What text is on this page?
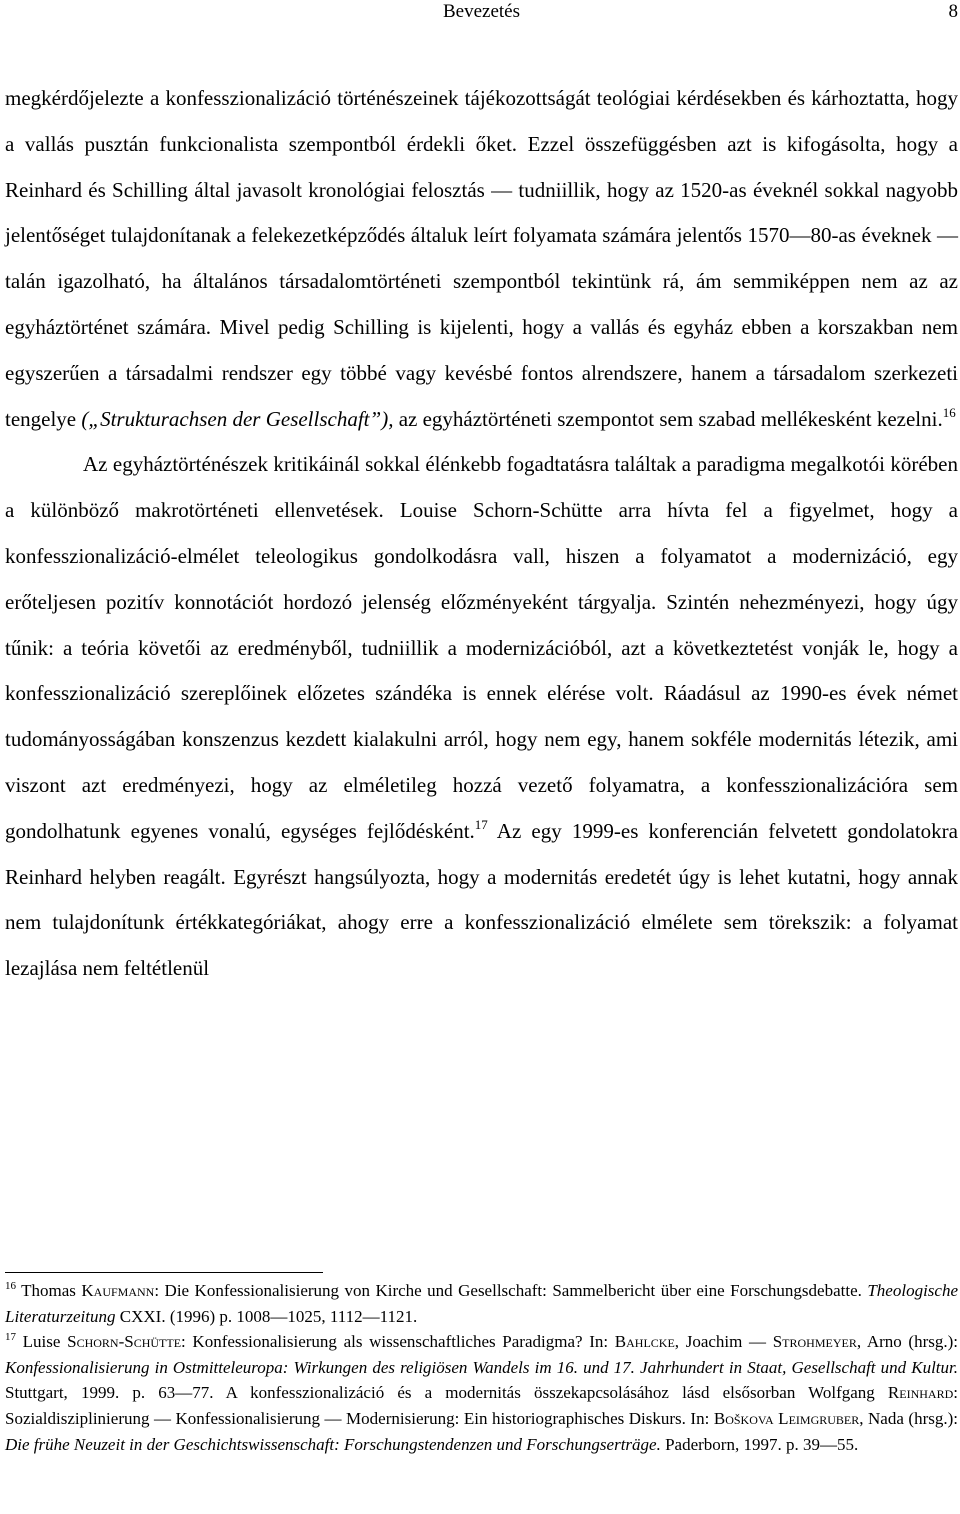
Bevezetés	8

megkérdőjelezte a konfesszionalizáció történészeinek tájékozottságát teológiai kérdésekben és kárhoztatta, hogy a vallás pusztán funkcionalista szempontból érdekli őket. Ezzel összefüggésben azt is kifogásolta, hogy a Reinhard és Schilling által javasolt kronológiai felosztás ― tudniillik, hogy az 1520-as éveknél sokkal nagyobb jelentőséget tulajdonítanak a felekezetképződés általuk leírt folyamata számára jelentős 1570―80-as éveknek ― talán igazolható, ha általános társadalomtörténeti szempontból tekintünk rá, ám semmiképpen nem az az egyháztörténet számára. Mivel pedig Schilling is kijelenti, hogy a vallás és egyház ebben a korszakban nem egyszerűen a társadalmi rendszer egy többé vagy kevésbé fontos alrendszere, hanem a társadalom szerkezeti tengelye („Strukturachsen der Gesellschaft”), az egyháztörténeti szempontot sem szabad mellékesként kezelni.$^{16}$

Az egyháztörténészek kritikáinál sokkal élénkebb fogadtatásra találtak a paradigma megalkotói körében a különböző makrotörténeti ellenvetések. Louise Schorn-Schütte arra hívta fel a figyelmet, hogy a konfesszionalizáció-elmélet teleologikus gondolkodásra vall, hiszen a folyamatot a modernizáció, egy erőteljesen pozitív konnotációt hordozó jelenség előzményeként tárgyalja. Szintén nehezményezi, hogy úgy tűnik: a teória követői az eredményből, tudniillik a modernizációból, azt a következtetést vonják le, hogy a konfesszionalizáció szereplőinek előzetes szándéka is ennek elérése volt. Ráadásul az 1990-es évek német tudományosságában konszenzus kezdett kialakulni arról, hogy nem egy, hanem sokféle modernitás létezik, ami viszont azt eredményezi, hogy az elméletileg hozzá vezető folyamatra, a konfesszionalizációra sem gondolhatunk egyenes vonalú, egységes fejlődésként.$^{17}$ Az egy 1999-es konferencián felvetett gondolatokra Reinhard helyben reagált. Egyrészt hangsúlyozta, hogy a modernitás eredetét úgy is lehet kutatni, hogy annak nem tulajdonítunk értékkategóriákat, ahogy erre a konfesszionalizáció elmélete sem törekszik: a folyamat lezajlása nem feltétlenül

$^{16}$ Thomas Kaufmann: Die Konfessionalisierung von Kirche und Gesellschaft: Sammelbericht über eine Forschungsdebatte. Theologische Literaturzeitung CXXI. (1996) p. 1008―1025, 1112―1121.

$^{17}$ Luise Schorn-Schütte: Konfessionalisierung als wissenschaftliches Paradigma? In: Bahlcke, Joachim ― Strohmeyer, Arno (hrsg.): Konfessionalisierung in Ostmitteleuropa: Wirkungen des religiösen Wandels im 16. und 17. Jahrhundert in Staat, Gesellschaft und Kultur. Stuttgart, 1999. p. 63―77. A konfesszionalizáció és a modernitás összekapcsolásához lásd elsősorban Wolfgang Reinhard: Sozialdisziplinierung ― Konfessionalisierung ― Modernisierung: Ein historiographisches Diskurs. In: Boškova Leimgruber, Nada (hrsg.): Die frühe Neuzeit in der Geschichtswissenschaft: Forschungstendenzen und Forschungserträge. Paderborn, 1997. p. 39―55.
